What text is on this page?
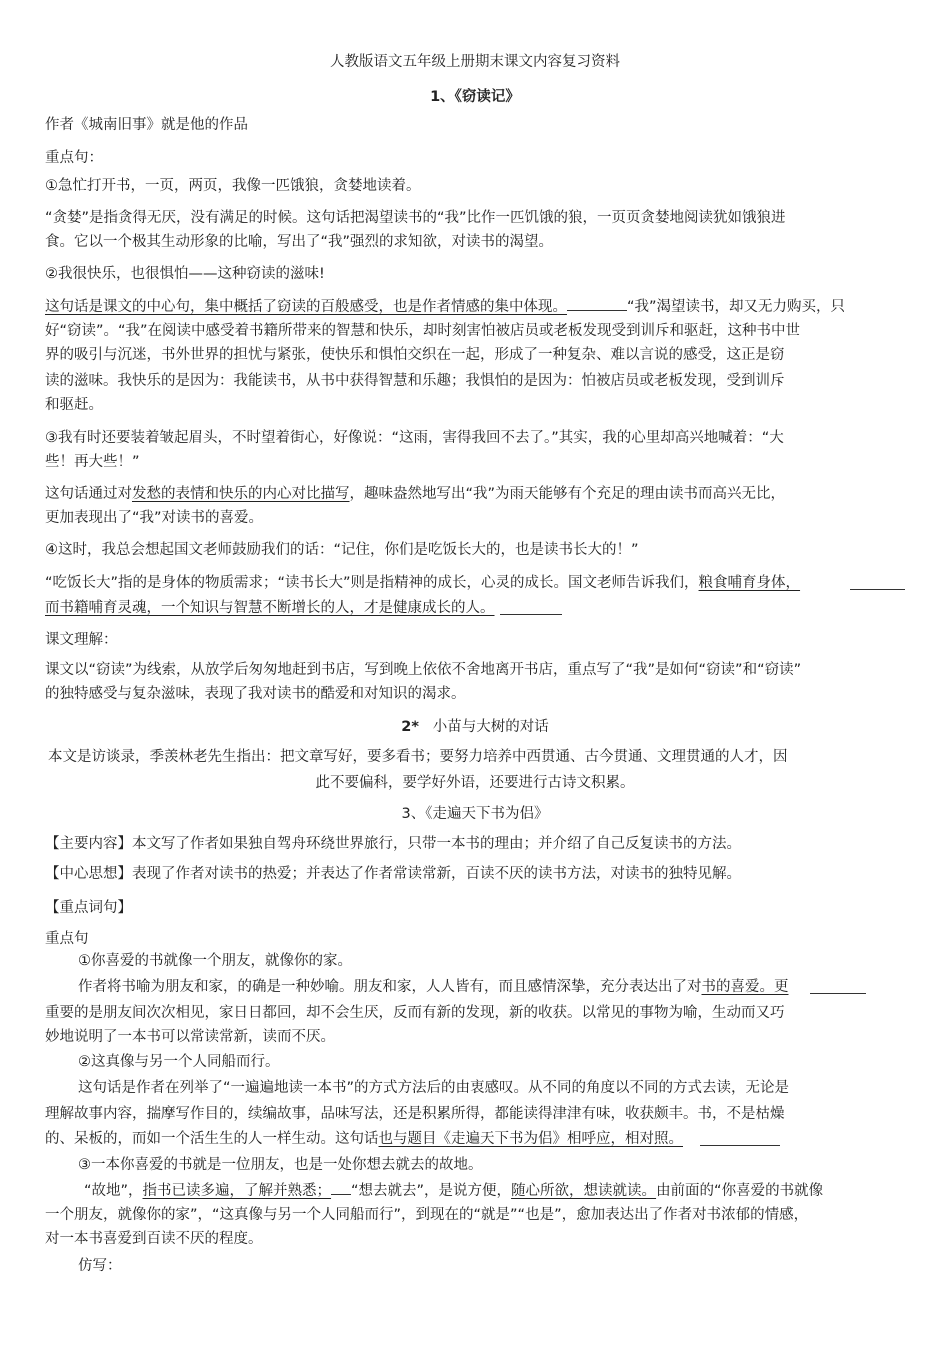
人教版语文五年级上册期末课文内容复习资料
1、《窃读记》
作者《城南旧事》就是他的作品
重点句：
①急忙打开书，一页，两页，我像一匹饿狼，贪婪地读着。
“贪婪”是指贪得无厌，没有满足的时候。这句话把渴望读书的“我”比作一匹饥饿的狼，一页页贪婪地阅读犹如饿狼进
食。它以一个极其生动形象的比喻，写出了“我”强烈的求知欲，对读书的渴望。
②我很快乐，也很惧怕——这种窃读的滋味!
这句话是课文的中心句，集中概括了窃读的百般感受，也是作者情感的集中体现。	“我”渴望读书，却又无力购买，只
好“窃读”。“我”在阅读中感受着书籍所带来的智慧和快乐，却时刻害怕被店员或老板发现受到训斥和驱赶，这种书中世
界的吸引与沉迷，书外世界的担忧与紧张，使快乐和惧怕交织在一起，形成了一种复杂、难以言说的感受，这正是窃
读的滋味。我快乐的是因为：我能读书，从书中获得智慧和乐趣；我惧怕的是因为：怕被店员或老板发现，受到训斥
和驱赶。
③我有时还要装着皱起眉头，不时望着街心，好像说：“这雨，害得我回不去了。”其实，我的心里却高兴地喊着：“大
些！再大些！”
这句话通过对发愁的表情和快乐的内心对比描写，趣味盎然地写出“我”为雨天能够有个充足的理由读书而高兴无比，
更加表现出了“我”对读书的喜爱。
④这时，我总会想起国文老师鼓励我们的话：“记住，你们是吃饭长大的，也是读书长大的！”
“吃饭长大”指的是身体的物质需求；“读书长大”则是指精神的成长，心灵的成长。国文老师告诉我们，粮食哺育身体，
而书籍哺育灵魂，一个知识与智慧不断增长的人，才是健康成长的人。
课文理解：
课文以“窃读”为线索，从放学后匆匆地赶到书店，写到晚上依依不舍地离开书店，重点写了“我”是如何“窃读”和“窃读”
的独特感受与复杂滋味，表现了我对读书的酷爱和对知识的渴求。
2* 小苗与大树的对话
本文是访谈录，季羡林老先生指出：把文章写好，要多看书；要努力培养中西贯通、古今贯通、文理贯通的人才，因
此不要偏科，要学好外语，还要进行古诗文积累。
3、《走遍天下书为侣》
【主要内容】本文写了作者如果独自驾舟环绕世界旅行，只带一本书的理由；并介绍了自己反复读书的方法。
【中心思想】表现了作者对读书的热爱；并表达了作者常读常新，百读不厌的读书方法，对读书的独特见解。
【重点词句】
重点句
①你喜爱的书就像一个朋友，就像你的家。
作者将书喻为朋友和家，的确是一种妙喻。朋友和家，人人皆有，而且感情深挚，充分表达出了对书的喜爱。更
重要的是朋友间次次相见，家日日都回，却不会生厌，反而有新的发现，新的收获。以常见的事物为喻，生动而又巧
妙地说明了一本书可以常读常新，读而不厌。
②这真像与另一个人同船而行。
这句话是作者在列举了“一遍遍地读一本书”的方式方法后的由衷感叹。从不同的角度以不同的方式去读，无论是
理解故事内容，揣摩写作目的，续编故事，品味写法，还是积累所得，都能读得津津有味，收获颇丰。书，不是枯燥
的、呆板的，而如一个活生生的人一样生动。这句话也与题目《走遍天下书为侣》相呼应，相对照。
③一本你喜爱的书就是一位朋友，也是一处你想去就去的故地。
“故地”，指书已读多遍，了解并熟悉； “想去就去”，是说方便，随心所欲，想读就读。由前面的“你喜爱的书就像
一个朋友，就像你的家”，“这真像与另一个人同船而行”，到现在的“就是”“也是”，愈加表达出了作者对书浓郁的情感，
对一本书喜爱到百读不厌的程度。
仿写：
